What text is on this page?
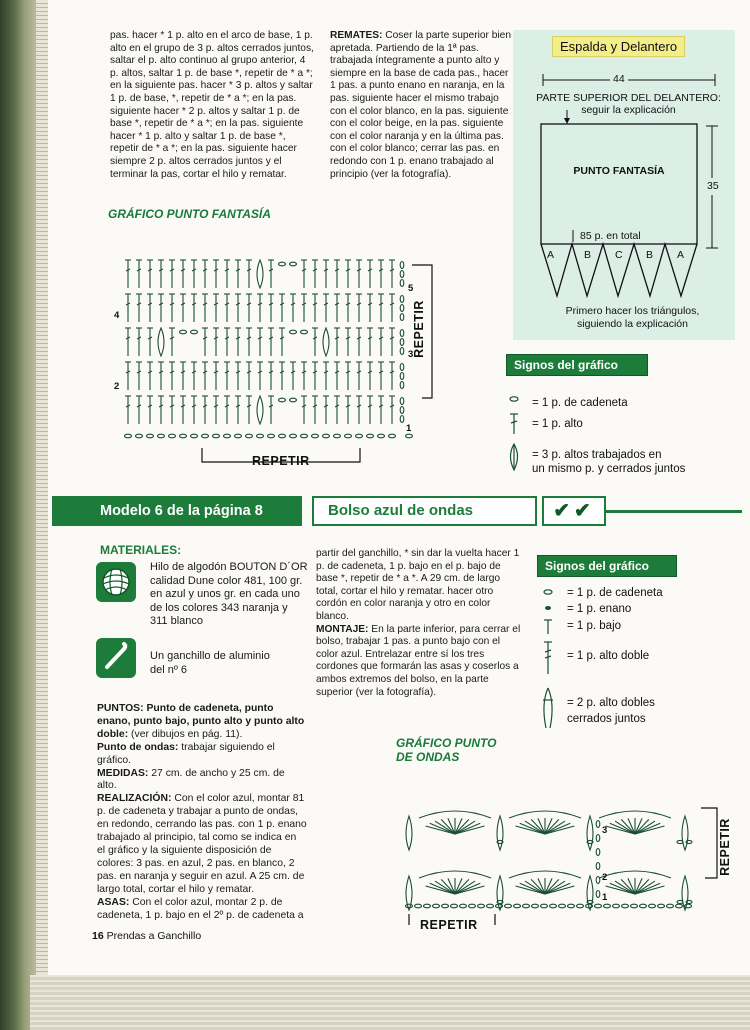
pas. hacer * 1 p. alto en el arco de base, 1 p. alto en el grupo de 3 p. altos cerrados juntos, saltar el p. alto continuo al grupo anterior, 4 p. altos, saltar 1 p. de base *, repetir de * a *; en la siguiente pas. hacer * 3 p. altos y saltar 1 p. de base, *, repetir de * a *; en la pas. siguiente hacer * 2 p. altos y saltar 1 p. de base *, repetir de * a *; en la pas. siguiente hacer * 1 p. alto y saltar 1 p. de base *, repetir de * a *; en la pas. siguiente hacer siempre 2 p. altos cerrados juntos y el terminar la pas, cortar el hilo y rematar.
REMATES: Coser la parte superior bien apretada. Partiendo de la 1ª pas. trabajada íntegramente a punto alto y siempre en la base de cada pas., hacer 1 pas. a punto enano en naranja, en la pas. siguiente hacer el mismo trabajo con el color blanco, en la pas. siguiente con el color beige, en la pas. siguiente con el color naranja y en la última pas. con el color blanco; cerrar las pas. en redondo con 1 p. enano trabajado al principio (ver la fotografía).
GRÁFICO PUNTO FANTASÍA
5
4
3
2
1
REPETIR
REPETIR
Espalda y Delantero
44
PARTE SUPERIOR DEL DELANTERO:
seguir la explicación
PUNTO FANTASÍA
35
85 p. en total
A	B C B A
Primero hacer los triángulos,
siguiendo la explicación
Signos del gráfico
= 1 p. de cadeneta
= 1 p. alto
= 3 p. altos trabajados en
un mismo p. y cerrados juntos
Modelo 6 de la página 8	Bolso azul de ondas	✔✔
MATERIALES:
Hilo de algodón BOUTON D´OR calidad Dune color 481, 100 gr. en azul y unos gr. en cada uno de los colores 343 naranja y 311 blanco
Un ganchillo de aluminio del nº 6
PUNTOS: Punto de cadeneta, punto enano, punto bajo, punto alto y punto alto doble: (ver dibujos en pág. 11).
Punto de ondas: trabajar siguiendo el gráfico.
MEDIDAS: 27 cm. de ancho y 25 cm. de alto.
REALIZACIÓN: Con el color azul, montar 81 p. de cadeneta y trabajar a punto de ondas, en redondo, cerrando las pas. con 1 p. enano trabajado al principio, tal como se indica en el gráfico y la siguiente disposición de colores: 3 pas. en azul, 2 pas. en blanco, 2 pas. en naranja y seguir en azul. A 25 cm. de largo total, cortar el hilo y rematar.
ASAS: Con el color azul, montar 2 p. de cadeneta, 1 p. bajo en el 2º p. de cadeneta a
partir del ganchillo, * sin dar la vuelta hacer 1 p. de cadeneta, 1 p. bajo en el p. bajo de base *, repetir de * a *. A 29 cm. de largo total, cortar el hilo y rematar. hacer otro cordón en color naranja y otro en color blanco.
MONTAJE: En la parte inferior, para cerrar el bolso, trabajar 1 pas. a punto bajo con el color azul. Entrelazar entre sí los tres cordones que formarán las asas y coserlos a ambos extremos del bolso, en la parte superior (ver la fotografía).
GRÁFICO PUNTO
DE ONDAS
Signos del gráfico
= 1 p. de cadeneta
= 1 p. enano
= 1 p. bajo
= 1 p. alto doble
= 2 p. alto dobles
cerrados juntos
3
2
1
REPETIR
REPETIR
16 Prendas a Ganchillo
